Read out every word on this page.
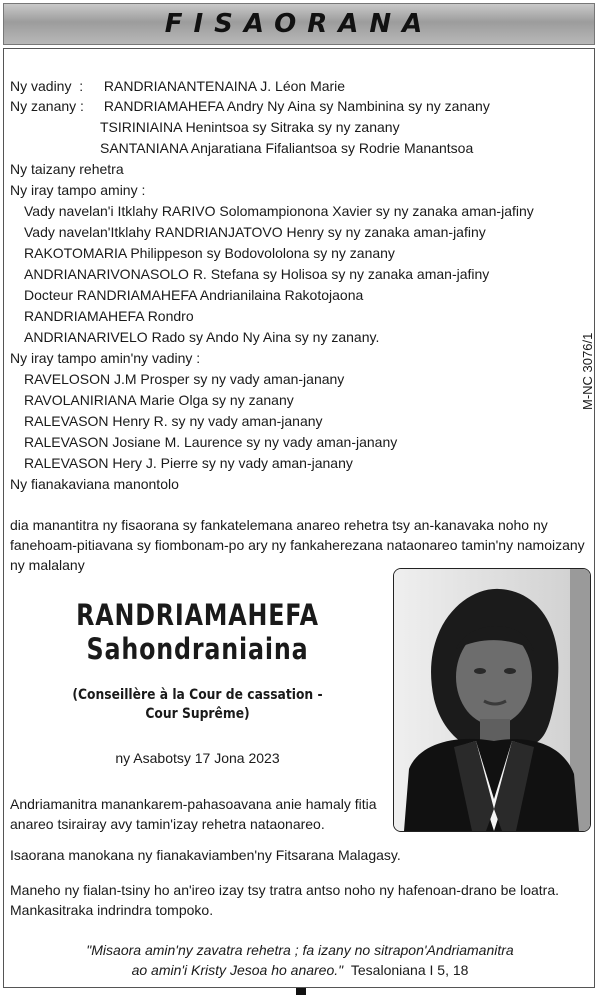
FISAORANA
M-NC 3076/1
Ny vadiny  : RANDRIANANTENAINA J. Léon Marie
Ny zanany : RANDRIAMAHEFA Andry Ny Aina sy Nambinina sy ny zanany
TSIRINIAINA Henintsoa sy Sitraka sy ny zanany
SANTANIANA Anjaratiana Fifaliantsoa sy Rodrie Manantsoa
Ny taizany rehetra
Ny iray tampo aminy :
Vady navelan'i Itklahy RARIVO Solomampionona Xavier sy ny zanaka aman-jafiny
Vady navelan'Itklahy RANDRIANJATOVO Henry sy ny zanaka aman-jafiny
RAKOTOMARIA Philippeson sy Bodovololona sy ny zanany
ANDRIANARIVONASOLO R. Stefana sy Holisoa sy ny zanaka aman-jafiny
Docteur RANDRIAMAHEFA Andrianilaina Rakotojaona
RANDRIAMAHEFA Rondro
ANDRIANARIVELO Rado sy Ando Ny Aina sy ny zanany.
Ny iray tampo amin'ny vadiny :
RAVELOSON J.M Prosper sy ny vady aman-janany
RAVOLANIRIANA Marie Olga sy ny zanany
RALEVASON Henry R. sy ny vady aman-janany
RALEVASON Josiane M. Laurence sy ny vady aman-janany
RALEVASON Hery J. Pierre sy ny vady aman-janany
Ny fianakaviana manontolo
dia manantitra ny fisaorana sy fankatelemana anareo rehetra tsy an-kanavaka noho ny fanehoam-pitiavana sy fiombonam-po ary ny fankaherezana nataonareo tamin'ny namoizany ny malalany
RANDRIAMAHEFA
Sahondraniaina
(Conseillère à la Cour de cassation -
Cour Suprême)
ny Asabotsy 17 Jona 2023
Andriamanitra manankarem-pahasoavana anie hamaly fitia
anareo tsirairay avy tamin'izay rehetra nataonareo.
Isaorana manokana ny fianakaviamben'ny Fitsarana Malagasy.
Maneho ny fialan-tsiny ho an'ireo izay tsy tratra antso noho ny hafenoan-drano be loatra.
Mankasitraka indrindra tompoko.
"Misaora amin'ny zavatra rehetra ; fa izany no sitrapon'Andriamanitra
ao amin'i Kristy Jesoa ho anareo." Tesaloniana I 5, 18
